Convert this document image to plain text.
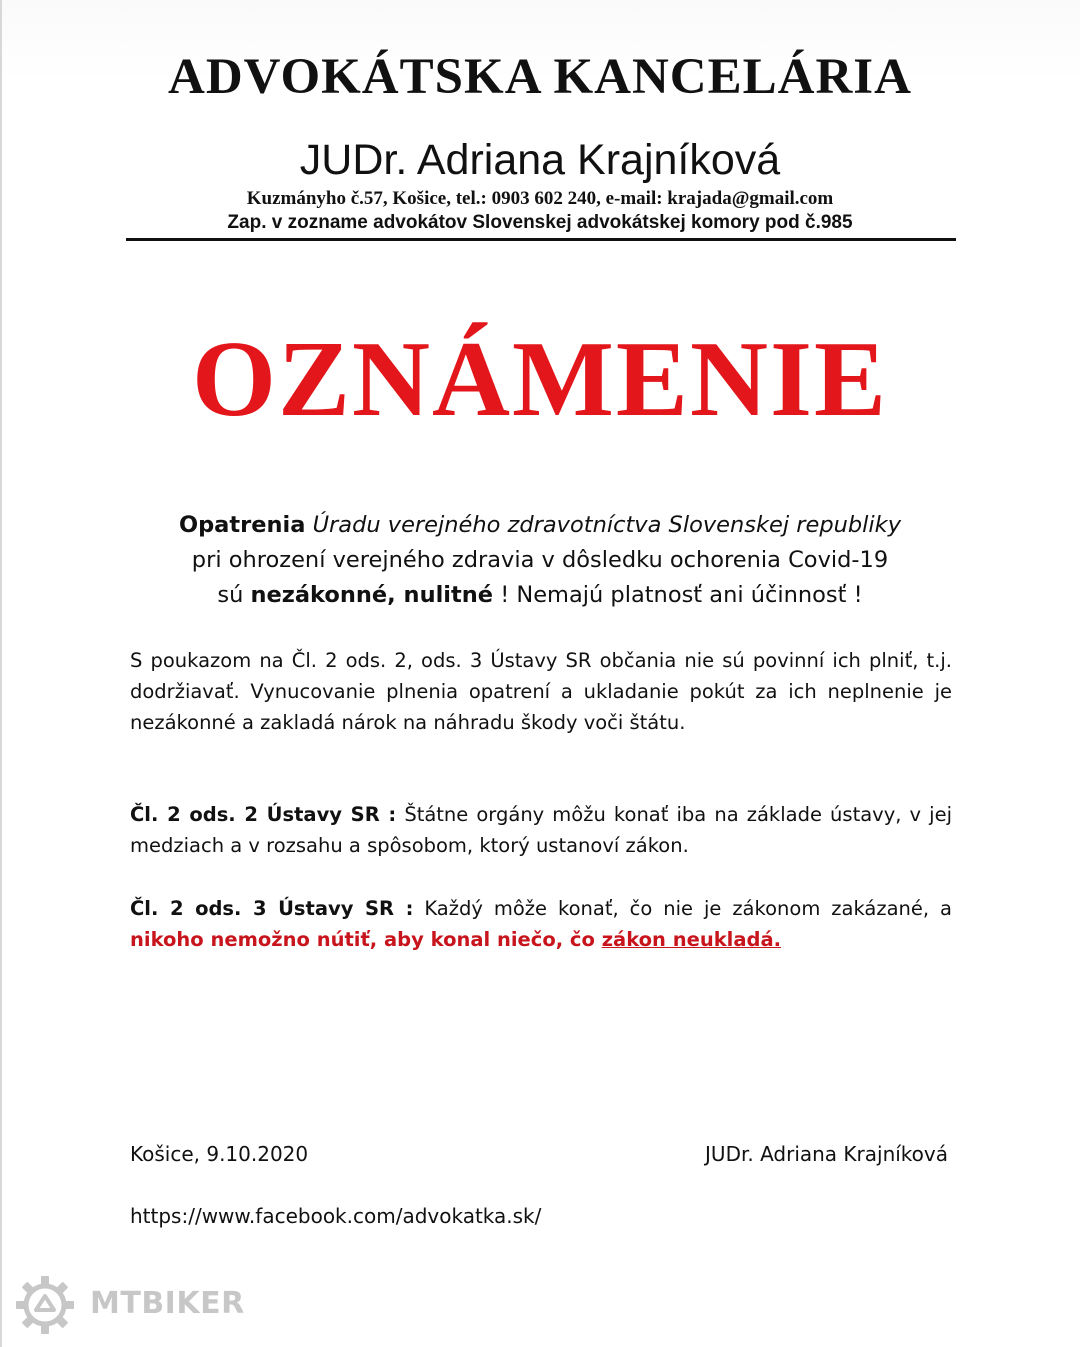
ADVOKÁTSKA KANCELÁRIA
JUDr. Adriana Krajníková
Kuzmányho č.57, Košice, tel.: 0903 602 240, e-mail: krajada@gmail.com
Zap. v zozname advokátov Slovenskej advokátskej komory pod č.985
OZNÁMENIE
Opatrenia Úradu verejného zdravotníctva Slovenskej republiky
pri ohrození verejného zdravia v dôsledku ochorenia Covid-19
sú nezákonné, nulitné ! Nemajú platnosť ani účinnosť !
S poukazom na Čl. 2 ods. 2, ods. 3 Ústavy SR občania nie sú povinní ich plniť, t.j.
dodržiavať. Vynucovanie plnenia opatrení a ukladanie pokút za ich neplnenie je
nezákonné a zakladá nárok na náhradu škody voči štátu.
Čl. 2 ods. 2 Ústavy SR : Štátne orgány môžu konať iba na základe ústavy, v jej
medziach a v rozsahu a spôsobom, ktorý ustanoví zákon.
Čl. 2 ods. 3 Ústavy SR : Každý môže konať, čo nie je zákonom zakázané, a
nikoho nemožno nútiť, aby konal niečo, čo zákon neukladá.
Košice, 9.10.2020	JUDr. Adriana Krajníková
https://www.facebook.com/advokatka.sk/
MTBIKER
